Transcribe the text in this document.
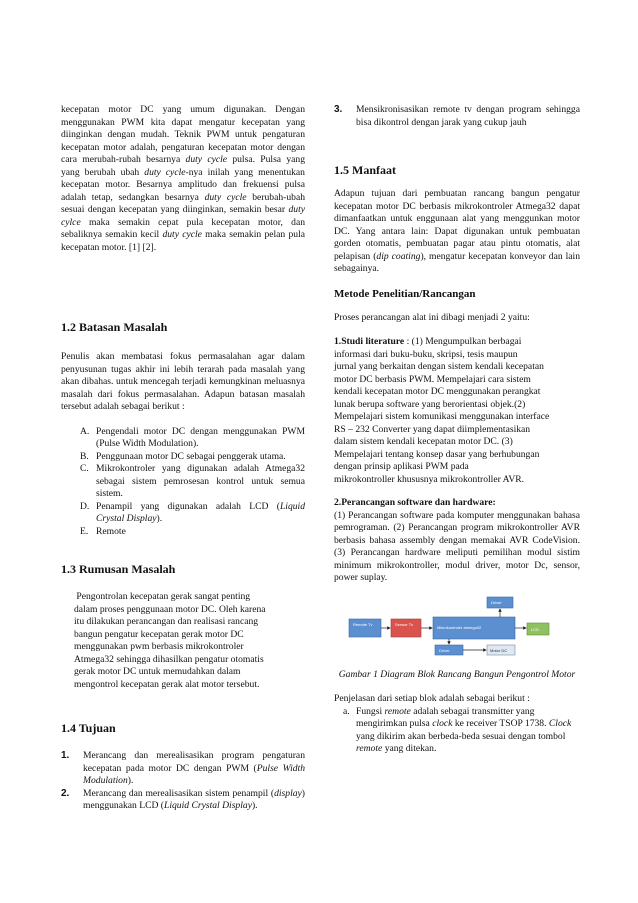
kecepatan motor DC yang umum digunakan. Dengan menggunakan PWM kita dapat mengatur kecepatan yang diinginkan dengan mudah. Teknik PWM untuk pengaturan kecepatan motor adalah, pengaturan kecepatan motor dengan cara merubah-rubah besarnya duty cycle pulsa. Pulsa yang yang berubah ubah duty cycle-nya inilah yang menentukan kecepatan motor. Besarnya amplitudo dan frekuensi pulsa adalah tetap, sedangkan besarnya duty cycle berubah-ubah sesuai dengan kecepatan yang diinginkan, semakin besar duty cylce maka semakin cepat pula kecepatan motor, dan sebaliknya semakin kecil duty cycle maka semakin pelan pula kecepatan motor. [1] [2].

1.2 Batasan Masalah

Penulis akan membatasi fokus permasalahan agar dalam penyusunan tugas akhir ini lebih terarah pada masalah yang akan dibahas. untuk mencegah terjadi kemungkinan meluasnya masalah dari fokus permasalahan. Adapun batasan masalah tersebut adalah sebagai berikut :

A. Pengendali motor DC dengan menggunakan PWM (Pulse Width Modulation).
B. Penggunaan motor DC sebagai penggerak utama.
C. Mikrokontroler yang digunakan adalah Atmega32 sebagai sistem pemrosesan kontrol untuk semua sistem.
D. Penampil yang digunakan adalah LCD (Liquid Crystal Display).
E. Remote
1.3 Rumusan Masalah
Pengontrolan kecepatan gerak sangat penting
dalam proses penggunaan motor DC. Oleh karena
itu dilakukan perancangan dan realisasi rancang
bangun pengatur kecepatan gerak motor DC
menggunakan pwm berbasis mikrokontroler
Atmega32 sehingga dihasilkan pengatur otomatis
gerak motor DC untuk memudahkan dalam
mengontrol kecepatan gerak alat motor tersebut.
1.4 Tujuan
1. Merancang dan merealisasikan program pengaturan kecepatan pada motor DC dengan PWM (Pulse Width Modulation).
2. Merancang dan merealisasikan sistem penampil (display) menggunakan LCD (Liquid Crystal Display).
3. Mensikronisasikan remote tv dengan program sehingga bisa dikontrol dengan jarak yang cukup jauh
1.5 Manfaat

Adapun tujuan dari pembuatan rancang bangun pengatur kecepatan motor DC berbasis mikrokontroler Atmega32 dapat dimanfaatkan untuk enggunaan alat yang menggunkan motor DC. Yang antara lain: Dapat digunakan untuk pembuatan gorden otomatis, pembuatan pagar atau pintu otomatis, alat pelapisan (dip coating), mengatur kecepatan konveyor dan lain sebagainya.

Metode Penelitian/Rancangan

Proses perancangan alat ini dibagi menjadi 2 yaitu:

1.Studi literature : (1) Mengumpulkan berbagai
informasi dari buku-buku, skripsi, tesis maupun
jurnal yang berkaitan dengan sistem kendali kecepatan
motor DC berbasis PWM. Mempelajari cara sistem
kendali kecepatan motor DC menggunakan perangkat
lunak berupa software yang berorientasi objek.(2)
Mempelajari sistem komunikasi menggunakan interface
RS – 232 Converter yang dapat diimplementasikan
dalam sistem kendali kecepatan motor DC. (3)
Mempelajari tentang konsep dasar yang berhubungan
dengan prinsip aplikasi PWM pada
mikrokontroller khususnya mikrokontroller AVR.
2.Perancangan software dan hardware:

(1) Perancangan software pada komputer menggunakan bahasa pemrograman. (2) Perancangan program mikrokontroller AVR berbasis bahasa assembly dengan memakai AVR CodeVision. (3) Perancangan hardware meliputi pemilihan modul sistim minimum mikrokontroller, modul driver, motor Dc, sensor, power suplay.

Remote Tv	Sensor Tv
Mikrokontroler atmega32
Driver
LCD
Driver	Motor DC

Gambar 1 Diagram Blok Rancang Bangun Pengontrol Motor

Penjelasan dari setiap blok adalah sebagai berikut :

a. Fungsi remote adalah sebagai transmitter yang mengirimkan pulsa clock ke receiver TSOP 1738. Clock yang dikirim akan berbeda-beda sesuai dengan tombol remote yang ditekan.
